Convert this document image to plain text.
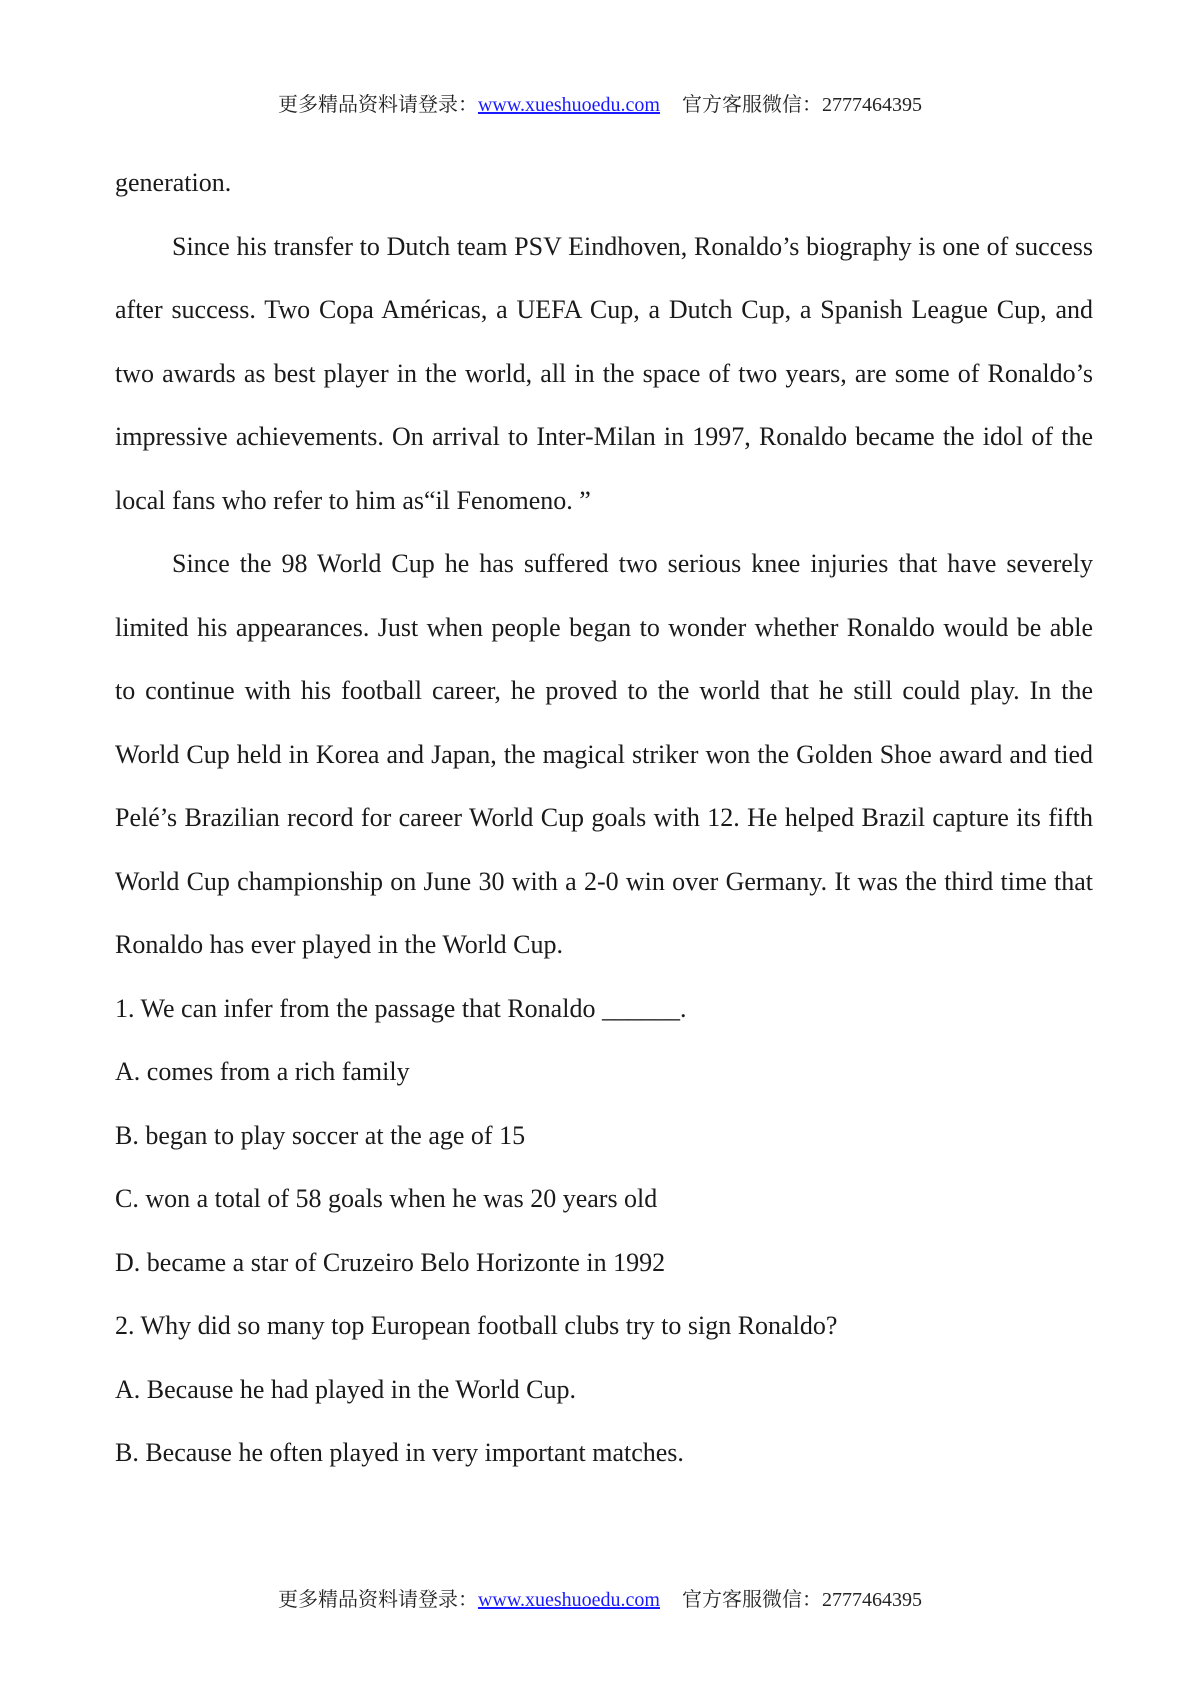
更多精品资料请登录：www.xueshuoedu.com 官方客服微信：2777464395

generation.

Since his transfer to Dutch team PSV Eindhoven, Ronaldo’s biography is one of success after success. Two Copa Américas, a UEFA Cup, a Dutch Cup, a Spanish League Cup, and two awards as best player in the world, all in the space of two years, are some of Ronaldo’s impressive achievements. On arrival to Inter-Milan in 1997, Ronaldo became the idol of the local fans who refer to him as“il Fenomeno. ”

Since the 98 World Cup he has suffered two serious knee injuries that have severely limited his appearances. Just when people began to wonder whether Ronaldo would be able to continue with his football career, he proved to the world that he still could play. In the World Cup held in Korea and Japan, the magical striker won the Golden Shoe award and tied Pelé’s Brazilian record for career World Cup goals with 12. He helped Brazil capture its fifth World Cup championship on June 30 with a 2-0 win over Germany. It was the third time that Ronaldo has ever played in the World Cup.

1. We can infer from the passage that Ronaldo ______.

A. comes from a rich family

B. began to play soccer at the age of 15

C. won a total of 58 goals when he was 20 years old

D. became a star of Cruzeiro Belo Horizonte in 1992

2. Why did so many top European football clubs try to sign Ronaldo?

A. Because he had played in the World Cup.

B. Because he often played in very important matches.

更多精品资料请登录：www.xueshuoedu.com 官方客服微信：2777464395
